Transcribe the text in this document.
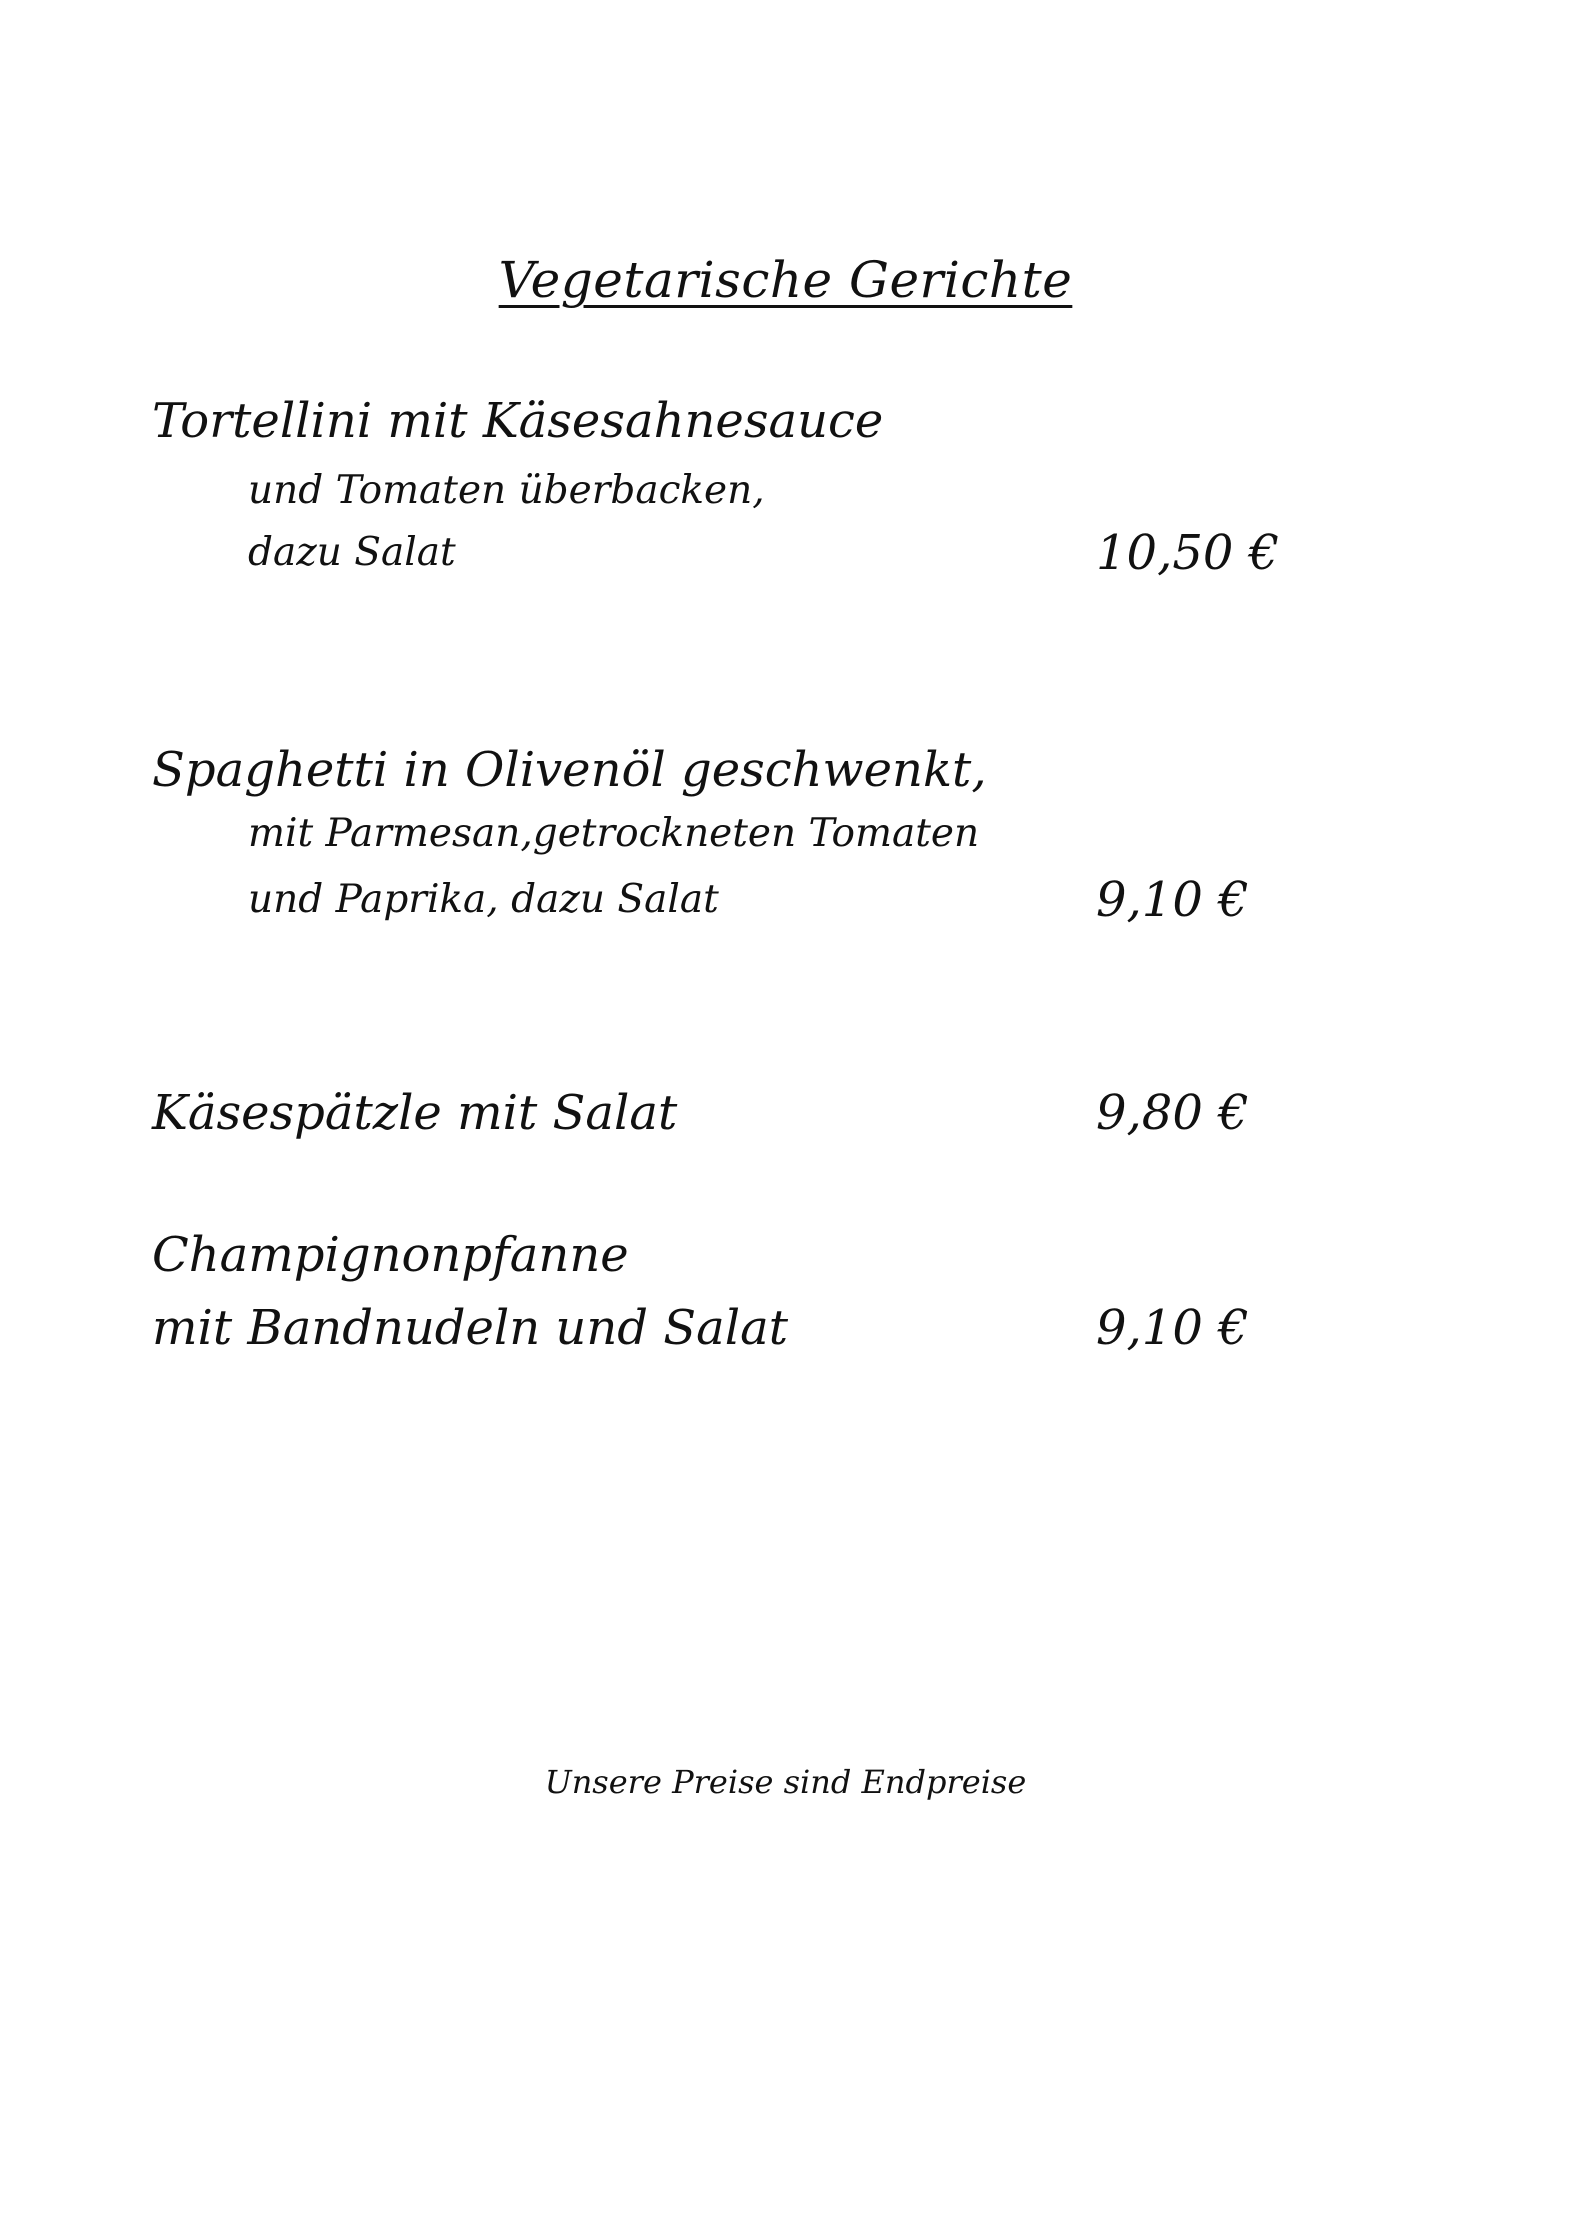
Vegetarische Gerichte
Tortellini mit Käsesahnesauce
und Tomaten überbacken,
dazu Salat	10,50 €
Spaghetti in Olivenöl geschwenkt,
mit Parmesan,getrockneten Tomaten
und Paprika, dazu Salat	9,10 €
Käsespätzle mit Salat	9,80 €
Champignonpfanne
mit Bandnudeln und Salat	9,10 €
Unsere Preise sind Endpreise
